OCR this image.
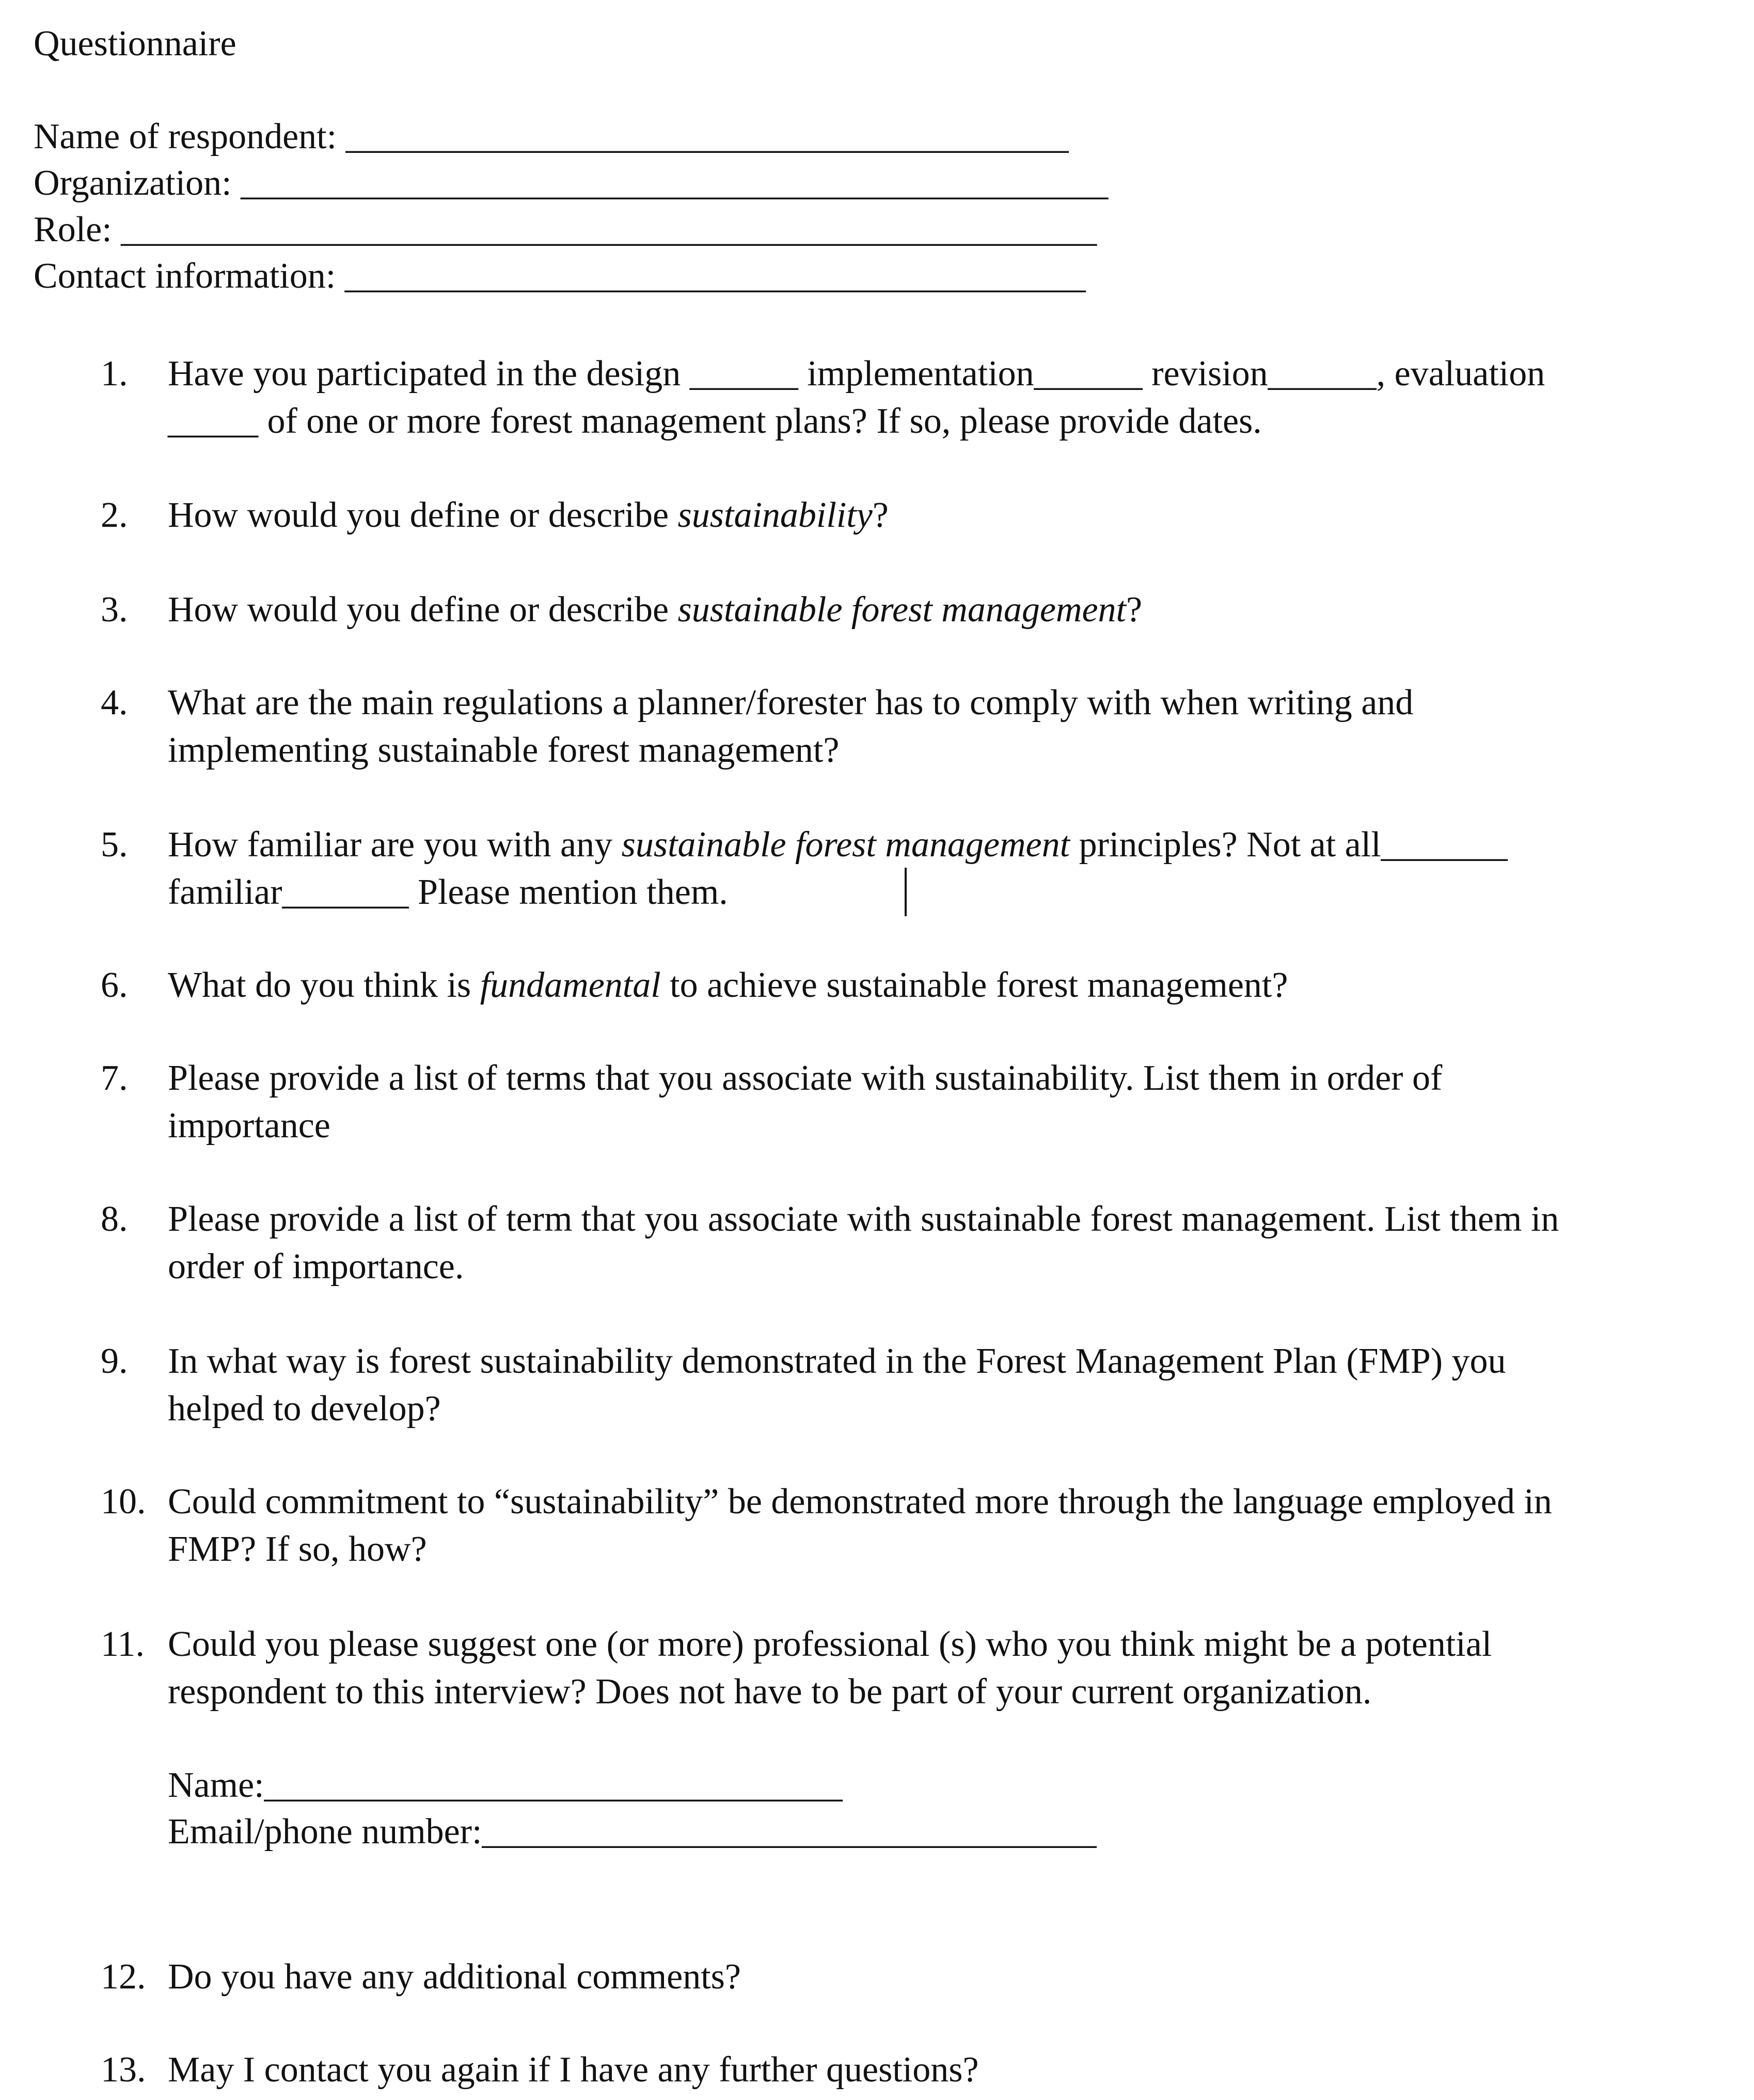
Questionnaire
Name of respondent: ________________________________________
Organization: ________________________________________________
Role: ______________________________________________________
Contact information: _________________________________________
1. Have you participated in the design ______ implementation______ revision______, evaluation
_____ of one or more forest management plans? If so, please provide dates.
2. How would you define or describe sustainability?
3. How would you define or describe sustainable forest management?
4. What are the main regulations a planner/forester has to comply with when writing and
implementing sustainable forest management?
5. How familiar are you with any sustainable forest management principles? Not at all_______
familiar_______ Please mention them.
6. What do you think is fundamental to achieve sustainable forest management?
7. Please provide a list of terms that you associate with sustainability. List them in order of
importance
8. Please provide a list of term that you associate with sustainable forest management. List them in
order of importance.
9. In what way is forest sustainability demonstrated in the Forest Management Plan (FMP) you
helped to develop?
10. Could commitment to “sustainability” be demonstrated more through the language employed in
FMP? If so, how?
11. Could you please suggest one (or more) professional (s) who you think might be a potential
respondent to this interview? Does not have to be part of your current organization.
Name:________________________________
Email/phone number:__________________________________
12. Do you have any additional comments?
13. May I contact you again if I have any further questions?
